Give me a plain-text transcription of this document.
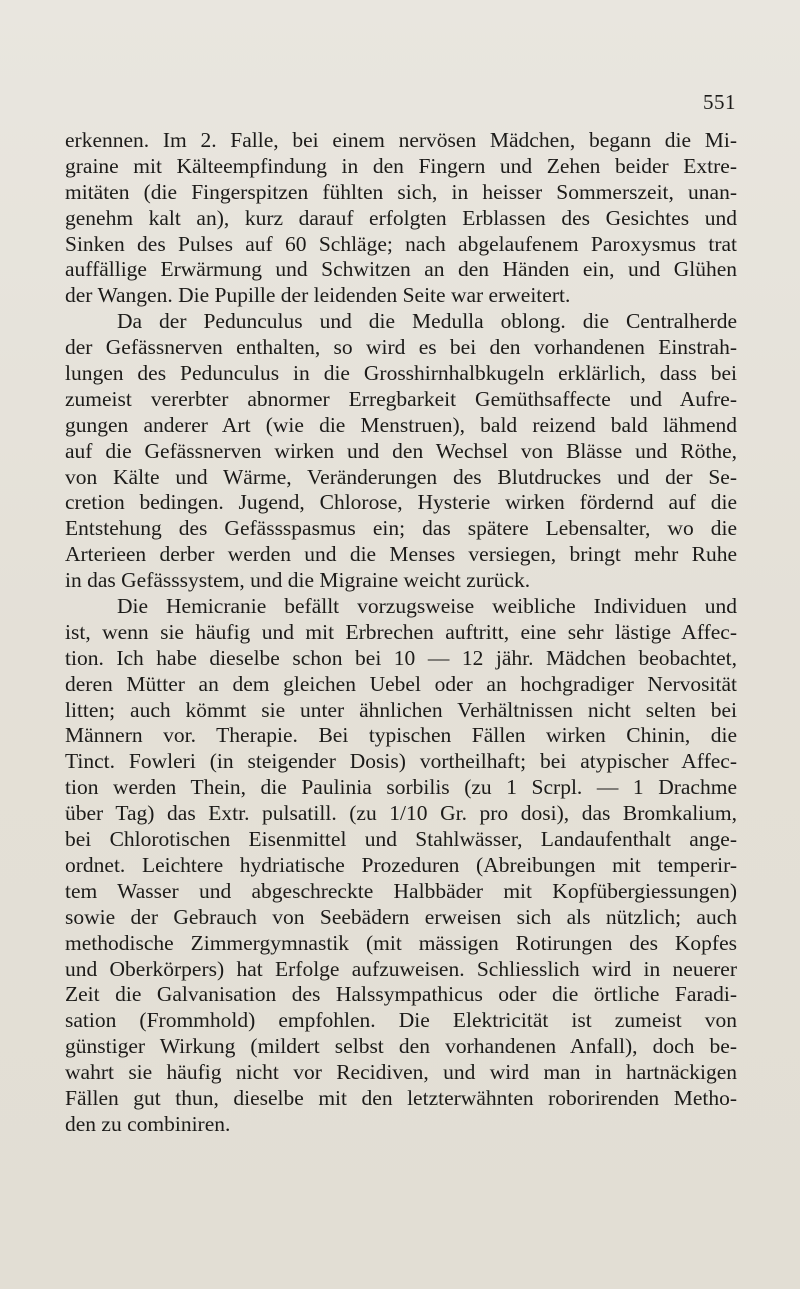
551
erkennen. Im 2. Falle, bei einem nervösen Mädchen, begann die Mi-
graine mit Kälteempfindung in den Fingern und Zehen beider Extre-
mitäten (die Fingerspitzen fühlten sich, in heisser Sommerszeit, unan-
genehm kalt an), kurz darauf erfolgten Erblassen des Gesichtes und
Sinken des Pulses auf 60 Schläge; nach abgelaufenem Paroxysmus trat
auffällige Erwärmung und Schwitzen an den Händen ein, und Glühen
der Wangen. Die Pupille der leidenden Seite war erweitert.
Da der Pedunculus und die Medulla oblong. die Centralherde
der Gefässnerven enthalten, so wird es bei den vorhandenen Einstrah-
lungen des Pedunculus in die Grosshirnhalbkugeln erklärlich, dass bei
zumeist vererbter abnormer Erregbarkeit Gemüthsaffecte und Aufre-
gungen anderer Art (wie die Menstruen), bald reizend bald lähmend
auf die Gefässnerven wirken und den Wechsel von Blässe und Röthe,
von Kälte und Wärme, Veränderungen des Blutdruckes und der Se-
cretion bedingen. Jugend, Chlorose, Hysterie wirken fördernd auf die
Entstehung des Gefässspasmus ein; das spätere Lebensalter, wo die
Arterieen derber werden und die Menses versiegen, bringt mehr Ruhe
in das Gefässsystem, und die Migraine weicht zurück.
Die Hemicranie befällt vorzugsweise weibliche Individuen und
ist, wenn sie häufig und mit Erbrechen auftritt, eine sehr lästige Affec-
tion. Ich habe dieselbe schon bei 10 — 12 jähr. Mädchen beobachtet,
deren Mütter an dem gleichen Uebel oder an hochgradiger Nervosität
litten; auch kömmt sie unter ähnlichen Verhältnissen nicht selten bei
Männern vor. Therapie. Bei typischen Fällen wirken Chinin, die
Tinct. Fowleri (in steigender Dosis) vortheilhaft; bei atypischer Affec-
tion werden Thein, die Paulinia sorbilis (zu 1 Scrpl. — 1 Drachme
über Tag) das Extr. pulsatill. (zu 1/10 Gr. pro dosi), das Bromkalium,
bei Chlorotischen Eisenmittel und Stahlwässer, Landaufenthalt ange-
ordnet. Leichtere hydriatische Prozeduren (Abreibungen mit temperir-
tem Wasser und abgeschreckte Halbbäder mit Kopfübergiessungen)
sowie der Gebrauch von Seebädern erweisen sich als nützlich; auch
methodische Zimmergymnastik (mit mässigen Rotirungen des Kopfes
und Oberkörpers) hat Erfolge aufzuweisen. Schliesslich wird in neuerer
Zeit die Galvanisation des Halssympathicus oder die örtliche Faradi-
sation (Frommhold) empfohlen. Die Elektricität ist zumeist von
günstiger Wirkung (mildert selbst den vorhandenen Anfall), doch be-
wahrt sie häufig nicht vor Recidiven, und wird man in hartnäckigen
Fällen gut thun, dieselbe mit den letzterwähnten roborirenden Metho-
den zu combiniren.
